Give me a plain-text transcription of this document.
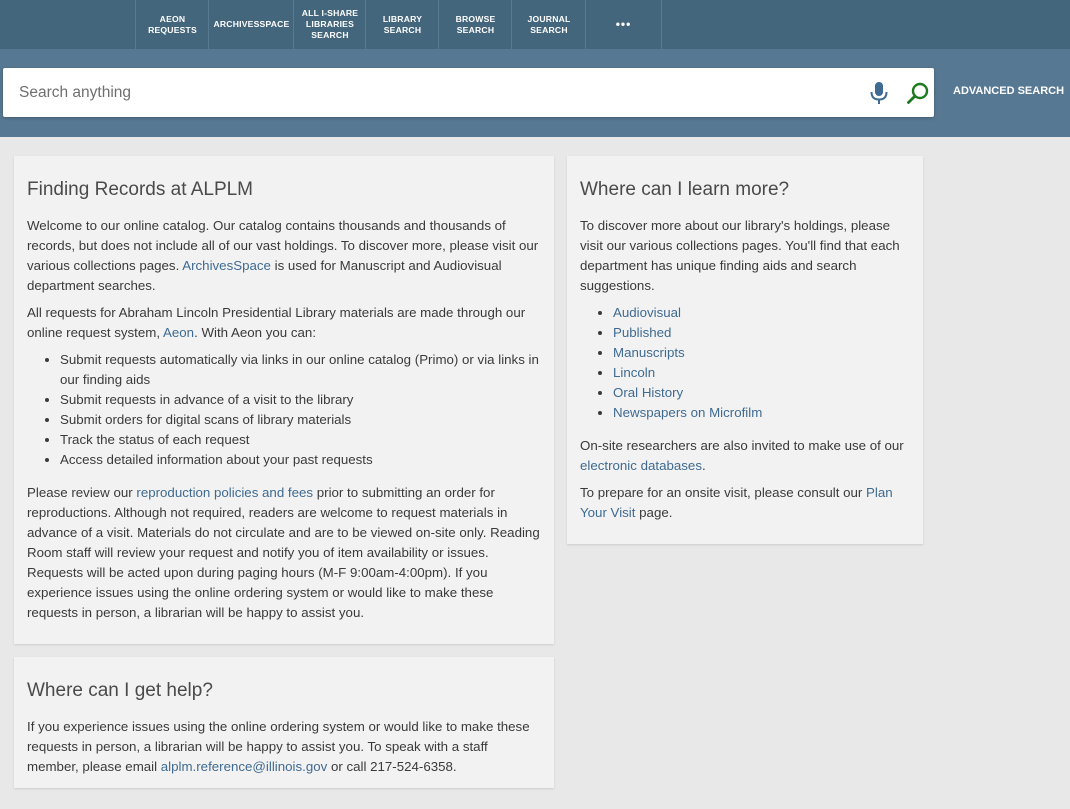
AEON
REQUESTS
ARCHIVESSPACE
ALL I-SHARE
LIBRARIES
SEARCH
LIBRARY
SEARCH
BROWSE
SEARCH
JOURNAL
SEARCH	•••
Search anything
ADVANCED SEARCH
Finding Records at ALPLM

Welcome to our online catalog. Our catalog contains thousands and thousands of records, but does not include all of our vast holdings. To discover more, please visit our various collections pages. ArchivesSpace is used for Manuscript and Audiovisual department searches.

All requests for Abraham Lincoln Presidential Library materials are made through our online request system, Aeon. With Aeon you can:

• Submit requests automatically via links in our online catalog (Primo) or via links in our finding aids
• Submit requests in advance of a visit to the library
• Submit orders for digital scans of library materials
• Track the status of each request
• Access detailed information about your past requests

Please review our reproduction policies and fees prior to submitting an order for reproductions. Although not required, readers are welcome to request materials in advance of a visit. Materials do not circulate and are to be viewed on-site only. Reading Room staff will review your request and notify you of item availability or issues. Requests will be acted upon during paging hours (M-F 9:00am-4:00pm). If you experience issues using the online ordering system or would like to make these requests in person, a librarian will be happy to assist you.

Where can I get help?

If you experience issues using the online ordering system or would like to make these requests in person, a librarian will be happy to assist you. To speak with a staff member, please email alplm.reference@illinois.gov or call 217-524-6358.

Where can I learn more?

To discover more about our library's holdings, please visit our various collections pages. You'll find that each department has unique finding aids and search suggestions.

• Audiovisual
• Published
• Manuscripts
• Lincoln
• Oral History
• Newspapers on Microfilm

On-site researchers are also invited to make use of our electronic databases.

To prepare for an onsite visit, please consult our Plan Your Visit page.
